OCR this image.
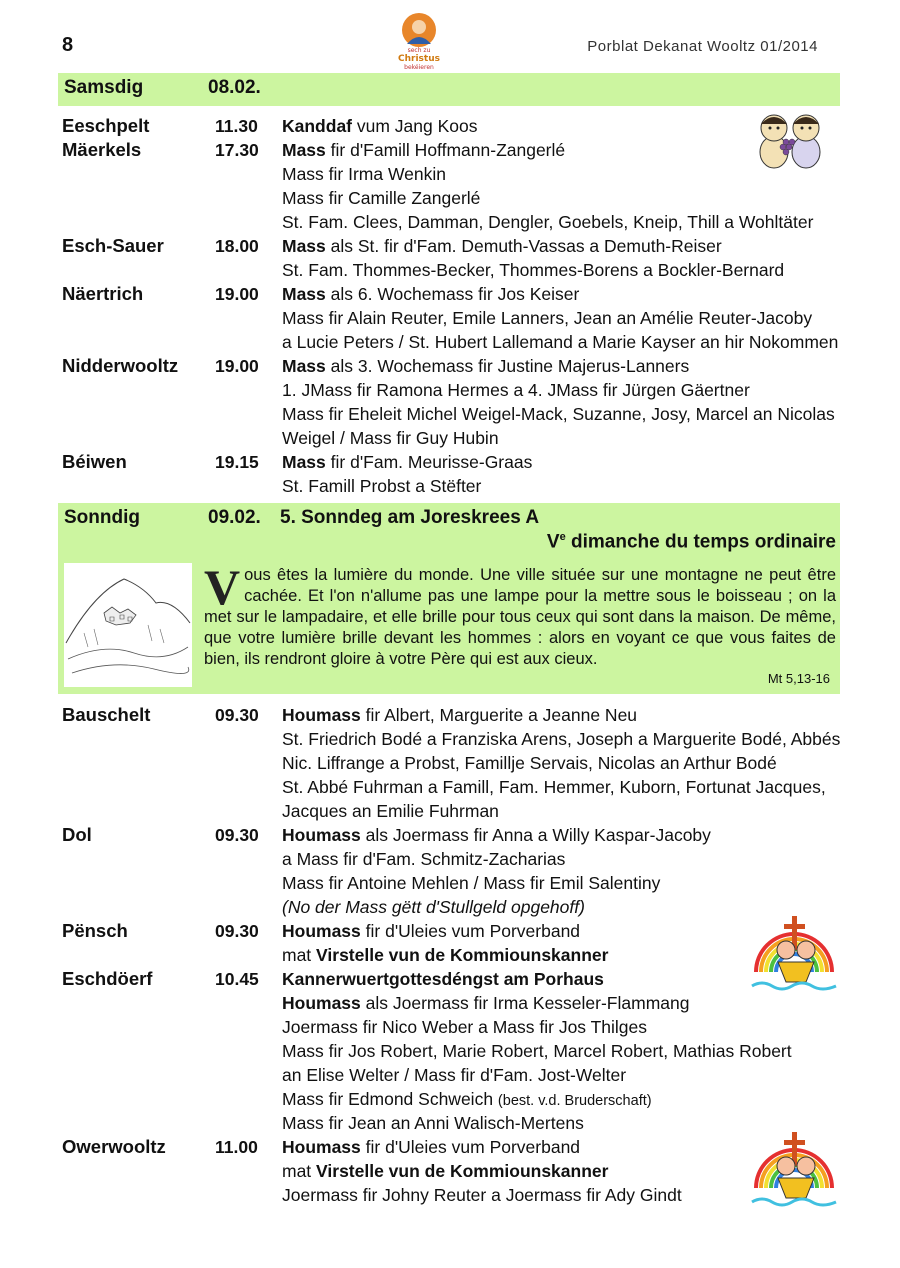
8	Porblat Dekanat Wooltz 01/2014
sech zu
Christus
bekéieren
Samsdig	08.02.
Eeschpelt	11.30 Kanddaf vum Jang Koos
Mäerkels	17.30 Mass fir d'Famill Hoffmann-Zangerlé
Mass fir Irma Wenkin
Mass fir Camille Zangerlé
St. Fam. Clees, Damman, Dengler, Goebels, Kneip, Thill a Wohltäter
Esch-Sauer	18.00 Mass als St. fir d'Fam. Demuth-Vassas a Demuth-Reiser
St. Fam. Thommes-Becker, Thommes-Borens a Bockler-Bernard
Näertrich	19.00 Mass als 6. Wochemass fir Jos Keiser
Mass fir Alain Reuter, Emile Lanners, Jean an Amélie Reuter-Jacoby
a Lucie Peters / St. Hubert Lallemand a Marie Kayser an hir Nokommen
Nidderwooltz 19.00 Mass als 3. Wochemass fir Justine Majerus-Lanners
1. JMass fir Ramona Hermes a 4. JMass fir Jürgen Gäertner
Mass fir Eheleit Michel Weigel-Mack, Suzanne, Josy, Marcel an Nicolas
Weigel / Mass fir Guy Hubin
Béiwen	19.15 Mass fir d'Fam. Meurisse-Graas
St. Famill Probst a Stëfter
Sonndig	09.02. 5. Sonndeg am Joreskrees A
Ve dimanche du temps ordinaire
Vous êtes la lumière du monde. Une ville située sur une montagne ne peut être cachée. Et l'on n'allume pas une lampe pour la mettre sous le boisseau ; on la met sur le lampadaire, et elle brille pour tous ceux qui sont dans la maison. De même, que votre lumière brille devant les hommes : alors en voyant ce que vous faites de bien, ils rendront gloire à votre Père qui est aux cieux.
Mt 5,13-16
Bauschelt	09.30 Houmass fir Albert, Marguerite a Jeanne Neu
St. Friedrich Bodé a Franziska Arens, Joseph a Marguerite Bodé, Abbés
Nic. Liffrange a Probst, Familljе Servais, Nicolas an Arthur Bodé
St. Abbé Fuhrman a Famill, Fam. Hemmer, Kuborn, Fortunat Jacques,
Jacques an Emilie Fuhrman
Dol	09.30 Houmass als Joermass fir Anna a Willy Kaspar-Jacoby
a Mass fir d'Fam. Schmitz-Zacharias
Mass fir Antoine Mehlen / Mass fir Emil Salentiny
(No der Mass gëtt d'Stullgeld opgehoff)
Pënsch	09.30 Houmass fir d'Uleies vum Porverband
mat Virstelle vun de Kommiounskanner
Eschdöerf	10.45 Kannerwuertgottesdéngst am Porhaus
Houmass als Joermass fir Irma Kesseler-Flammang
Joermass fir Nico Weber a Mass fir Jos Thilges
Mass fir Jos Robert, Marie Robert, Marcel Robert, Mathias Robert
an Elise Welter / Mass fir d'Fam. Jost-Welter
Mass fir Edmond Schweich (best. v.d. Bruderschaft)
Mass fir Jean an Anni Walisch-Mertens
Owerwooltz	11.00 Houmass fir d'Uleies vum Porverband
mat Virstelle vun de Kommiounskanner
Joermass fir Johny Reuter a Joermass fir Ady Gindt
